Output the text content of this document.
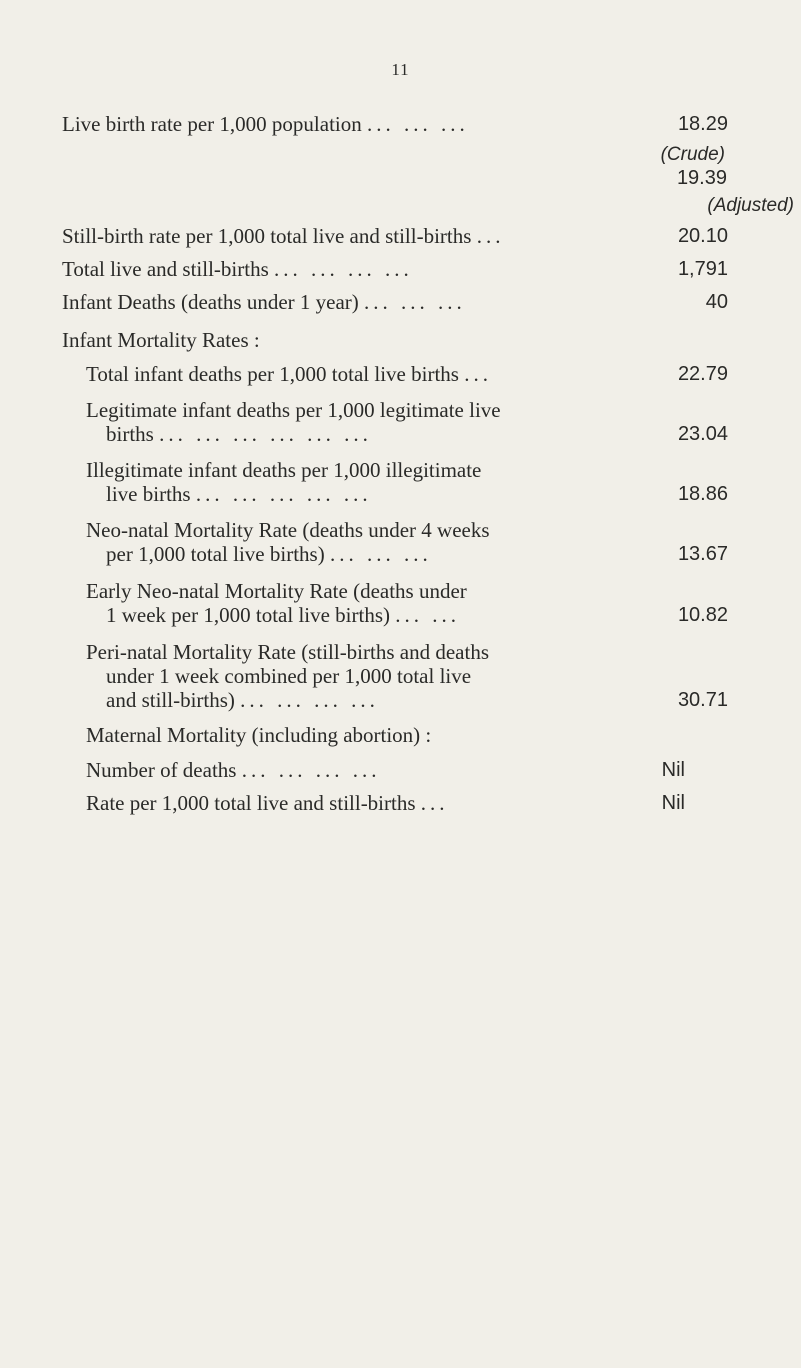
11
Live birth rate per 1,000 population ... ... ...	18.29
(Crude)
19.39
(Adjusted)
Still-birth rate per 1,000 total live and still-births ...	20.10
Total live and still-births ... ... ... ...	1,791
Infant Deaths (deaths under 1 year) ... ... ...	40
Infant Mortality Rates :
Total infant deaths per 1,000 total live births ...	22.79
Legitimate infant deaths per 1,000 legitimate live
births ... ... ... ... ... ...	23.04
Illegitimate infant deaths per 1,000 illegitimate
live births ... ... ... ... ...	18.86
Neo-natal Mortality Rate (deaths under 4 weeks
per 1,000 total live births) ... ... ...	13.67
Early Neo-natal Mortality Rate (deaths under
1 week per 1,000 total live births) ... ...	10.82
Peri-natal Mortality Rate (still-births and deaths
under 1 week combined per 1,000 total live
and still-births) ... ... ... ...	30.71
Maternal Mortality (including abortion) :
Number of deaths ... ... ... ...	Nil
Rate per 1,000 total live and still-births ...	Nil
